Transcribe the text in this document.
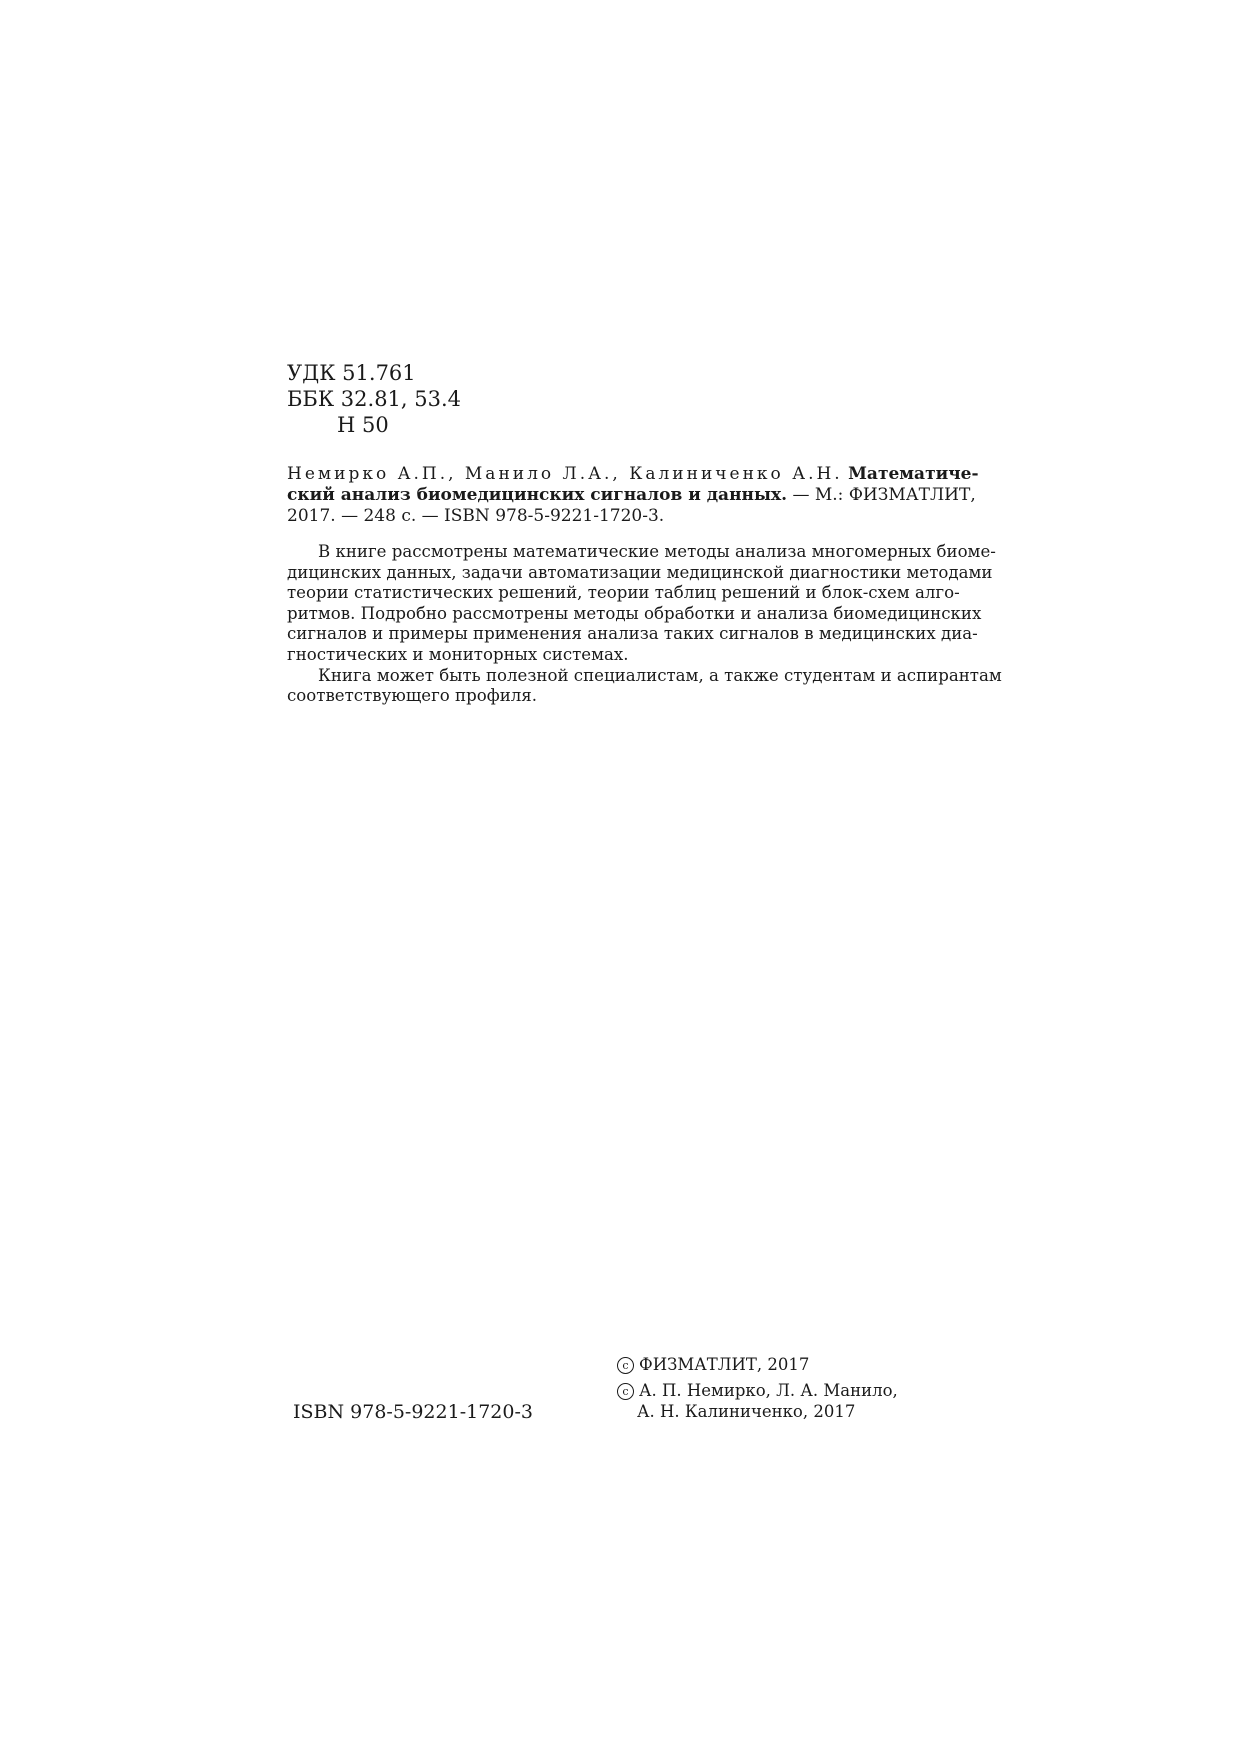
УДК 51.761
ББК 32.81, 53.4
Н 50
Немирко А.П., Манило Л.А., Калиниченко А.Н. Математиче-
ский анализ биомедицинских сигналов и данных. — М.: ФИЗМАТЛИТ,
2017. — 248 с. — ISBN 978-5-9221-1720-3.
В книге рассмотрены математические методы анализа многомерных биоме-
дицинских данных, задачи автоматизации медицинской диагностики методами
теории статистических решений, теории таблиц решений и блок-схем алго-
ритмов. Подробно рассмотрены методы обработки и анализа биомедицинских
сигналов и примеры применения анализа таких сигналов в медицинских диа-
гностических и мониторных системах.
Книга может быть полезной специалистам, а также студентам и аспирантам
соответствующего профиля.
ISBN 978-5-9221-1720-3
c ФИЗМАТЛИТ, 2017
c А. П. Немирко, Л. А. Манило,
А. Н. Калиниченко, 2017
